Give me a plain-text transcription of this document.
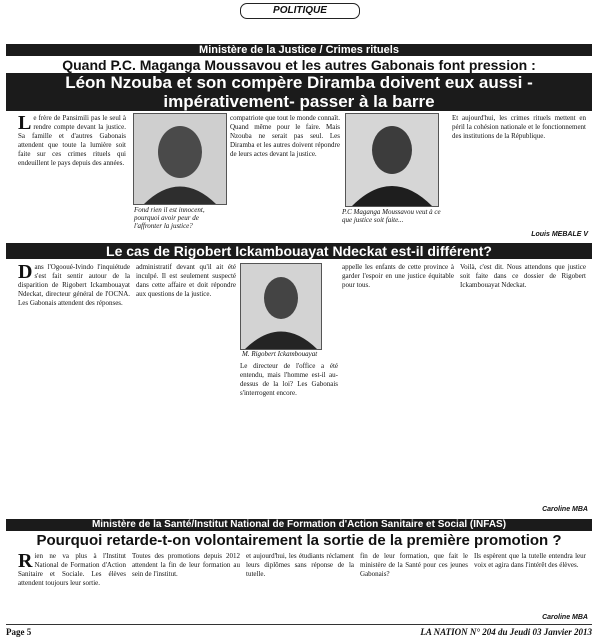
POLITIQUE
Ministère de la Justice / Crimes rituels
Quand P.C. Maganga Moussavou et les autres Gabonais font pression :
Léon Nzouba et son compère Diramba doivent eux aussi -impérativement- passer à la barre
L e frère de Pansimili pas le seul à rendre compte devant la justice. Sa famille et d'autres Gabonais attendent que toute la lumière soit faite sur ces crimes rituels qui endeuillent le pays depuis des années.

Fond rien il est innocent, pourquoi avoir peur de l'affronter la justice?

compatriote que tout le monde connaît. Quand même pour le faire. Mais Nzouba ne serait pas seul. Les Diramba et les autres doivent répondre de leurs actes devant la justice.

P.C Maganga Moussavou veut à ce que justice soit faite...

Et aujourd'hui, les crimes rituels mettent en péril la cohésion nationale et le fonctionnement des institutions de la République.

Louis MEBALE V
Le cas de Rigobert Ickambouayat Ndeckat est-il différent?
D ans l'Ogooué-Ivindo l'inquiétude s'est fait sentir autour de la disparition de Rigobert Ickambouayat Ndeckat, directeur général de l'OCNA. Les Gabonais attendent des réponses.

administratif devant qu'il ait été inculpé. Il est seulement suspecté dans cette affaire et doit répondre aux questions de la justice.

M. Rigobert Ickambouayat

Le directeur de l'office a été entendu, mais l'homme est-il au-dessus de la loi? Les Gabonais s'interrogent encore.

appelle les enfants de cette province à garder l'espoir en une justice équitable pour tous.

Voilà, c'est dit. Nous attendons que justice soit faite dans ce dossier de Rigobert Ickambouayat Ndeckat.

Caroline MBA
Ministère de la Santé/Institut National de Formation d'Action Sanitaire et Social (INFAS)
Pourquoi retarde-t-on volontairement la sortie de la première promotion ?
R ien ne va plus à l'Institut National de Formation d'Action Sanitaire et Sociale. Les élèves attendent toujours leur sortie.

Toutes des promotions depuis 2012 attendent la fin de leur formation au sein de l'institut.

et aujourd'hui, les étudiants réclament leurs diplômes sans réponse de la tutelle.

fin de leur formation, que fait le ministère de la Santé pour ces jeunes Gabonais?

Ils espèrent que la tutelle entendra leur voix et agira dans l'intérêt des élèves.

Caroline MBA
Page 5	LA NATION N° 204 du Jeudi 03 Janvier 2013
